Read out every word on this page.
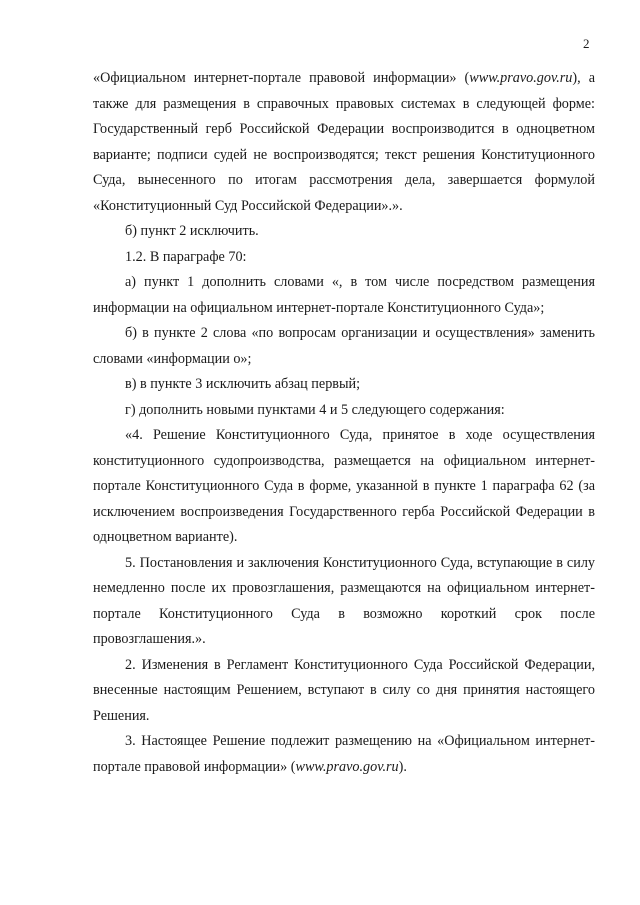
2

«Официальном интернет-портале правовой информации» (www.pravo.gov.ru), а также для размещения в справочных правовых системах в следующей форме: Государственный герб Российской Федерации воспроизводится в одноцветном варианте; подписи судей не воспроизводятся; текст решения Конституционного Суда, вынесенного по итогам рассмотрения дела, завершается формулой «Конституционный Суд Российской Федерации».».

б) пункт 2 исключить.

1.2. В параграфе 70:

а) пункт 1 дополнить словами «, в том числе посредством размещения информации на официальном интернет-портале Конституционного Суда»;

б) в пункте 2 слова «по вопросам организации и осуществления» заменить словами «информации о»;

в) в пункте 3 исключить абзац первый;

г) дополнить новыми пунктами 4 и 5 следующего содержания:

«4. Решение Конституционного Суда, принятое в ходе осуществления конституционного судопроизводства, размещается на официальном интернет-портале Конституционного Суда в форме, указанной в пункте 1 параграфа 62 (за исключением воспроизведения Государственного герба Российской Федерации в одноцветном варианте).

5. Постановления и заключения Конституционного Суда, вступающие в силу немедленно после их провозглашения, размещаются на официальном интернет-портале Конституционного Суда в возможно короткий срок после провозглашения.».

2. Изменения в Регламент Конституционного Суда Российской Федерации, внесенные настоящим Решением, вступают в силу со дня принятия настоящего Решения.

3. Настоящее Решение подлежит размещению на «Официальном интернет-портале правовой информации» (www.pravo.gov.ru).
